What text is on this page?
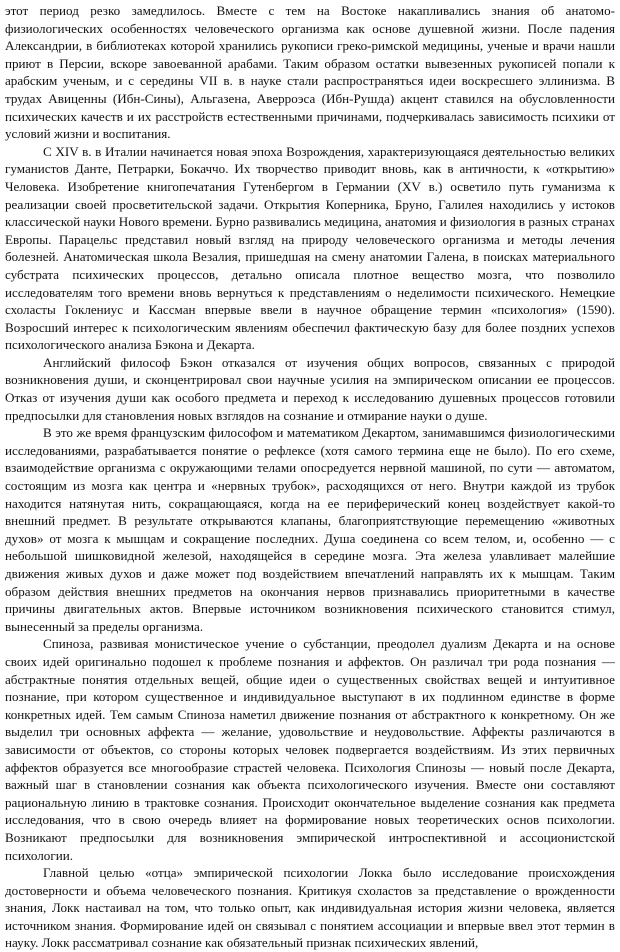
этот период резко замедлилось. Вместе с тем на Востоке накапливались знания об анатомо-физиологических особенностях человеческого организма как основе душевной жизни. После падения Александрии, в библиотеках которой хранились рукописи греко-римской медицины, ученые и врачи нашли приют в Персии, вскоре завоеванной арабами. Таким образом остатки вывезенных рукописей попали к арабским ученым, и с середины VII в. в науке стали распространяться идеи воскресшего эллинизма. В трудах Авиценны (Ибн-Сины), Альгазена, Аверроэса (Ибн-Рушда) акцент ставился на обусловленности психических качеств и их расстройств естественными причинами, подчеркивалась зависимость психики от условий жизни и воспитания.

С XIV в. в Италии начинается новая эпоха Возрождения, характеризующаяся деятельностью великих гуманистов Данте, Петрарки, Бокаччо. Их творчество приводит вновь, как в античности, к «открытию» Человека. Изобретение книгопечатания Гутенбергом в Германии (XV в.) осветило путь гуманизма к реализации своей просветительской задачи. Открытия Коперника, Бруно, Галилея находились у истоков классической науки Нового времени. Бурно развивались медицина, анатомия и физиология в разных странах Европы. Парацельс представил новый взгляд на природу человеческого организма и методы лечения болезней. Анатомическая школа Везалия, пришедшая на смену анатомии Галена, в поисках материального субстрата психических процессов, детально описала плотное вещество мозга, что позволило исследователям того времени вновь вернуться к представлениям о неделимости психического. Немецкие схоласты Гоклениус и Кассман впервые ввели в научное обращение термин «психология» (1590). Возросший интерес к психологическим явлениям обеспечил фактическую базу для более поздних успехов психологического анализа Бэкона и Декарта.

Английский философ Бэкон отказался от изучения общих вопросов, связанных с природой возникновения души, и сконцентрировал свои научные усилия на эмпирическом описании ее процессов. Отказ от изучения души как особого предмета и переход к исследованию душевных процессов готовили предпосылки для становления новых взглядов на сознание и отмирание науки о душе.

В это же время французским философом и математиком Декартом, занимавшимся физиологическими исследованиями, разрабатывается понятие о рефлексе (хотя самого термина еще не было). По его схеме, взаимодействие организма с окружающими телами опосредуется нервной машиной, по сути — автоматом, состоящим из мозга как центра и «нервных трубок», расходящихся от него. Внутри каждой из трубок находится натянутая нить, сокращающаяся, когда на ее периферический конец воздействует какой-то внешний предмет. В результате открываются клапаны, благоприятствующие перемещению «животных духов» от мозга к мышцам и сокращение последних. Душа соединена со всем телом, и, особенно — с небольшой шишковидной железой, находящейся в середине мозга. Эта железа улавливает малейшие движения живых духов и даже может под воздействием впечатлений направлять их к мышцам. Таким образом действия внешних предметов на окончания нервов признавались приоритетными в качестве причины двигательных актов. Впервые источником возникновения психического становится стимул, вынесенный за пределы организма.

Спиноза, развивая монистическое учение о субстанции, преодолел дуализм Декарта и на основе своих идей оригинально подошел к проблеме познания и аффектов. Он различал три рода познания — абстрактные понятия отдельных вещей, общие идеи о существенных свойствах вещей и интуитивное познание, при котором существенное и индивидуальное выступают в их подлинном единстве в форме конкретных идей. Тем самым Спиноза наметил движение познания от абстрактного к конкретному. Он же выделил три основных аффекта — желание, удовольствие и неудовольствие. Аффекты различаются в зависимости от объектов, со стороны которых человек подвергается воздействиям. Из этих первичных аффектов образуется все многообразие страстей человека. Психология Спинозы — новый после Декарта, важный шаг в становлении сознания как объекта психологического изучения. Вместе они составляют рациональную линию в трактовке сознания. Происходит окончательное выделение сознания как предмета исследования, что в свою очередь влияет на формирование новых теоретических основ психологии. Возникают предпосылки для возникновения эмпирической интроспективной и ассоционистской психологии.

Главной целью «отца» эмпирической психологии Локка было исследование происхождения достоверности и объема человеческого познания. Критикуя схоластов за представление о врожденности знания, Локк настаивал на том, что только опыт, как индивидуальная история жизни человека, является источником знания. Формирование идей он связывал с понятием ассоциации и впервые ввел этот термин в науку. Локк рассматривал сознание как обязательный признак психических явлений,
